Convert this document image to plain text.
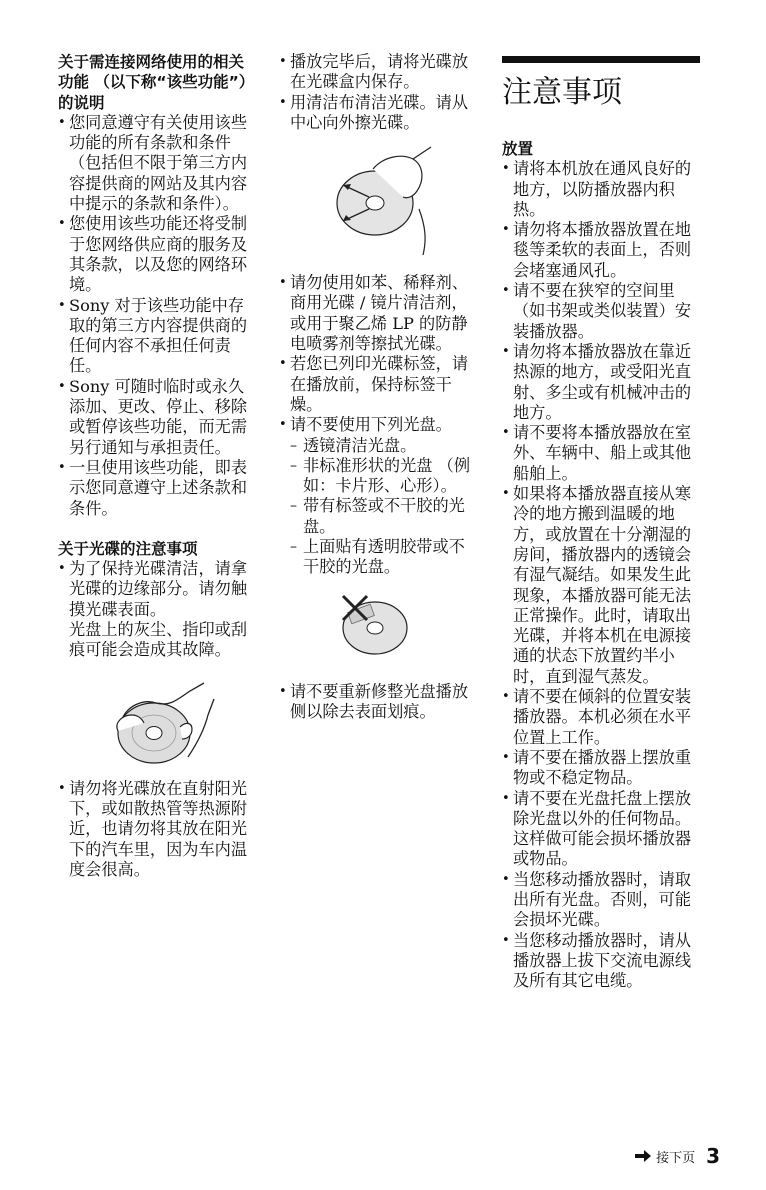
关于需连接网络使用的相关功能 （以下称“该些功能”）的说明

• 您同意遵守有关使用该些功能的所有条款和条件 （包括但不限于第三方内容提供商的网站及其内容中提示的条款和条件）。
• 您使用该些功能还将受制于您网络供应商的服务及其条款，以及您的网络环境。
• Sony 对于该些功能中存取的第三方内容提供商的任何内容不承担任何责任。
• Sony 可随时临时或永久添加、更改、停止、移除或暂停该些功能，而无需另行通知与承担责任。
• 一旦使用该些功能，即表示您同意遵守上述条款和条件。

关于光碟的注意事项

• 为了保持光碟清洁，请拿光碟的边缘部分。请勿触摸光碟表面。

光盘上的灰尘、指印或刮痕可能会造成其故障。

• 请勿将光碟放在直射阳光下，或如散热管等热源附近，也请勿将其放在阳光下的汽车里，因为车内温度会很高。
• 播放完毕后，请将光碟放在光碟盒内保存。
• 用清洁布清洁光碟。请从中心向外擦光碟。
• 请勿使用如苯、稀释剂、商用光碟 / 镜片清洁剂，或用于聚乙烯 LP 的防静电喷雾剂等擦拭光碟。
• 若您已列印光碟标签，请在播放前，保持标签干燥。
• 请不要使用下列光盘。
– 透镜清洁光盘。
– 非标准形状的光盘 （例如：卡片形、心形）。
– 带有标签或不干胶的光盘。
– 上面贴有透明胶带或不干胶的光盘。
• 请不要重新修整光盘播放侧以除去表面划痕。

注意事项

放置

• 请将本机放在通风良好的地方，以防播放器内积热。
• 请勿将本播放器放置在地毯等柔软的表面上，否则会堵塞通风孔。
• 请不要在狭窄的空间里 （如书架或类似装置）安装播放器。
• 请勿将本播放器放在靠近热源的地方，或受阳光直射、多尘或有机械冲击的地方。
• 请不要将本播放器放在室外、车辆中、船上或其他船舶上。
• 如果将本播放器直接从寒冷的地方搬到温暖的地方，或放置在十分潮湿的房间，播放器内的透镜会有湿气凝结。如果发生此现象，本播放器可能无法正常操作。此时，请取出光碟，并将本机在电源接通的状态下放置约半小时，直到湿气蒸发。
• 请不要在倾斜的位置安装播放器。本机必须在水平位置上工作。
• 请不要在播放器上摆放重物或不稳定物品。
• 请不要在光盘托盘上摆放除光盘以外的任何物品。这样做可能会损坏播放器或物品。
• 当您移动播放器时，请取出所有光盘。否则，可能会损坏光碟。
• 当您移动播放器时，请从播放器上拔下交流电源线及所有其它电缆。
接下页 3
